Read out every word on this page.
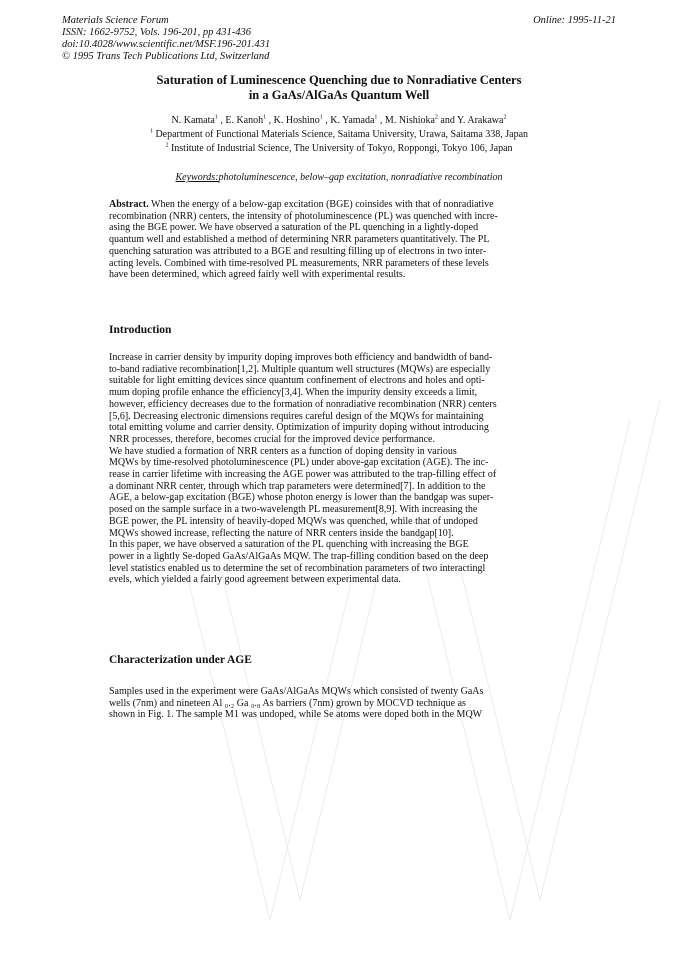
Materials Science Forum
ISSN: 1662-9752, Vols. 196-201, pp 431-436
doi:10.4028/www.scientific.net/MSF.196-201.431
© 1995 Trans Tech Publications Ltd, Switzerland
Online: 1995-11-21
Saturation of Luminescence Quenching due to Nonradiative Centers
in a GaAs/AlGaAs Quantum Well
N. Kamata$^1$ , E. Kanoh$^1$ , K. Hoshino$^1$ , K. Yamada$^1$ , M. Nishioka$^2$ and Y. Arakawa$^2$
$^1$ Department of Functional Materials Science, Saitama University, Urawa, Saitama 338, Japan
$^2$ Institute of Industrial Science, The University of Tokyo, Roppongi, Tokyo 106, Japan
Keywords:photoluminescence, below–gap excitation, nonradiative recombination
Abstract. When the energy of a below-gap excitation (BGE) coinsides with that of nonradiative
recombination (NRR) centers, the intensity of photoluminescence (PL) was quenched with incre-
asing the BGE power. We have observed a saturation of the PL quenching in a lightly-doped
quantum well and established a method of determining NRR parameters quantitatively. The PL
quenching saturation was attributed to a BGE and resulting filling up of electrons in two inter-
acting levels. Combined with time-resolved PL measurements, NRR parameters of these levels
have been determined, which agreed fairly well with experimental results.
Introduction
Increase in carrier density by impurity doping improves both efficiency and bandwidth of band-
to-band radiative recombination[1,2]. Multiple quantum well structures (MQWs) are especially
suitable for light emitting devices since quantum confinement of electrons and holes and opti-
mum doping profile enhance the efficiency[3,4]. When the impurity density exceeds a limit,
however, efficiency decreases due to the formation of nonradiative recombination (NRR) centers
[5,6]. Decreasing electronic dimensions requires careful design of the MQWs for maintaining
total emitting volume and carrier density. Optimization of impurity doping without introducing
NRR processes, therefore, becomes crucial for the improved device performance.
We have studied a formation of NRR centers as a function of doping density in various
MQWs by time-resolved photoluminescence (PL) under above-gap excitation (AGE). The inc-
rease in carrier lifetime with increasing the AGE power was attributed to the trap-filling effect of
a dominant NRR center, through which trap parameters were determined[7]. In addition to the
AGE, a below-gap excitation (BGE) whose photon energy is lower than the bandgap was super-
posed on the sample surface in a two-wavelength PL measurement[8,9]. With increasing the
BGE power, the PL intensity of heavily-doped MQWs was quenched, while that of undoped
MQWs showed increase, reflecting the nature of NRR centers inside the bandgap[10].
In this paper, we have observed a saturation of the PL quenching with increasing the BGE
power in a lightly Se-doped GaAs/AlGaAs MQW. The trap-filling condition based on the deep
level statistics enabled us to determine the set of recombination parameters of two interactingl
evels, which yielded a fairly good agreement between experimental data.
Characterization under AGE
Samples used in the experiment were GaAs/AlGaAs MQWs which consisted of twenty GaAs
wells (7nm) and nineteen Al ₀.₂ Ga ₀.₈ As barriers (7nm) grown by MOCVD technique as
shown in Fig. 1. The sample M1 was undoped, while Se atoms were doped both in the MQW
